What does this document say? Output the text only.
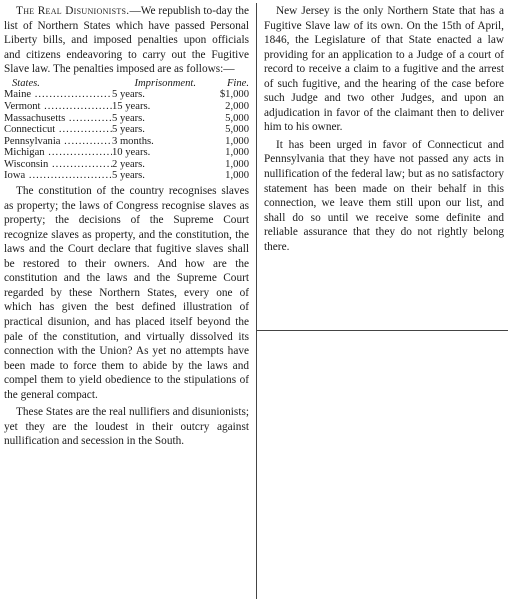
The Real Disunionists.—We republish to-day the list of Northern States which have passed Personal Liberty bills, and imposed penalties upon officials and citizens endeavoring to carry out the Fugitive Slave law. The penalties imposed are as follows:—

States.	Imprisonment.	Fine.
Maine .....	5 years.	$1,000
Vermont .....	15 years.	2,000
Massachusetts .....	5 years.	5,000
Connecticut .....	5 years.	5,000
Pennsylvania .....	3 months.	1,000
Michigan .....	10 years.	1,000
Wisconsin .....	2 years.	1,000
Iowa .....	5 years.	1,000

The constitution of the country recognises slaves as property; the laws of Congress recognise slaves as property; the decisions of the Supreme Court recognize slaves as property, and the constitution, the laws and the Court declare that fugitive slaves shall be restored to their owners. And how are the constitution and the laws and the Supreme Court regarded by these Northern States, every one of which has given the best defined illustration of practical disunion, and has placed itself beyond the pale of the constitution, and virtually dissolved its connection with the Union? As yet no attempts have been made to force them to abide by the laws and compel them to yield obedience to the stipulations of the general compact.

These States are the real nullifiers and disunionists; yet they are the loudest in their outcry against nullification and secession in the South.

New Jersey is the only Northern State that has a Fugitive Slave law of its own. On the 15th of April, 1846, the Legislature of that State enacted a law providing for an application to a Judge of a court of record to receive a claim to a fugitive and the arrest of such fugitive, and the hearing of the case before such Judge and two other Judges, and upon an adjudication in favor of the claimant then to deliver him to his owner.

It has been urged in favor of Connecticut and Pennsylvania that they have not passed any acts in nullification of the federal law; but as no satisfactory statement has been made on their behalf in this connection, we leave them still upon our list, and shall do so until we receive some definite and reliable assurance that they do not rightly belong there.
